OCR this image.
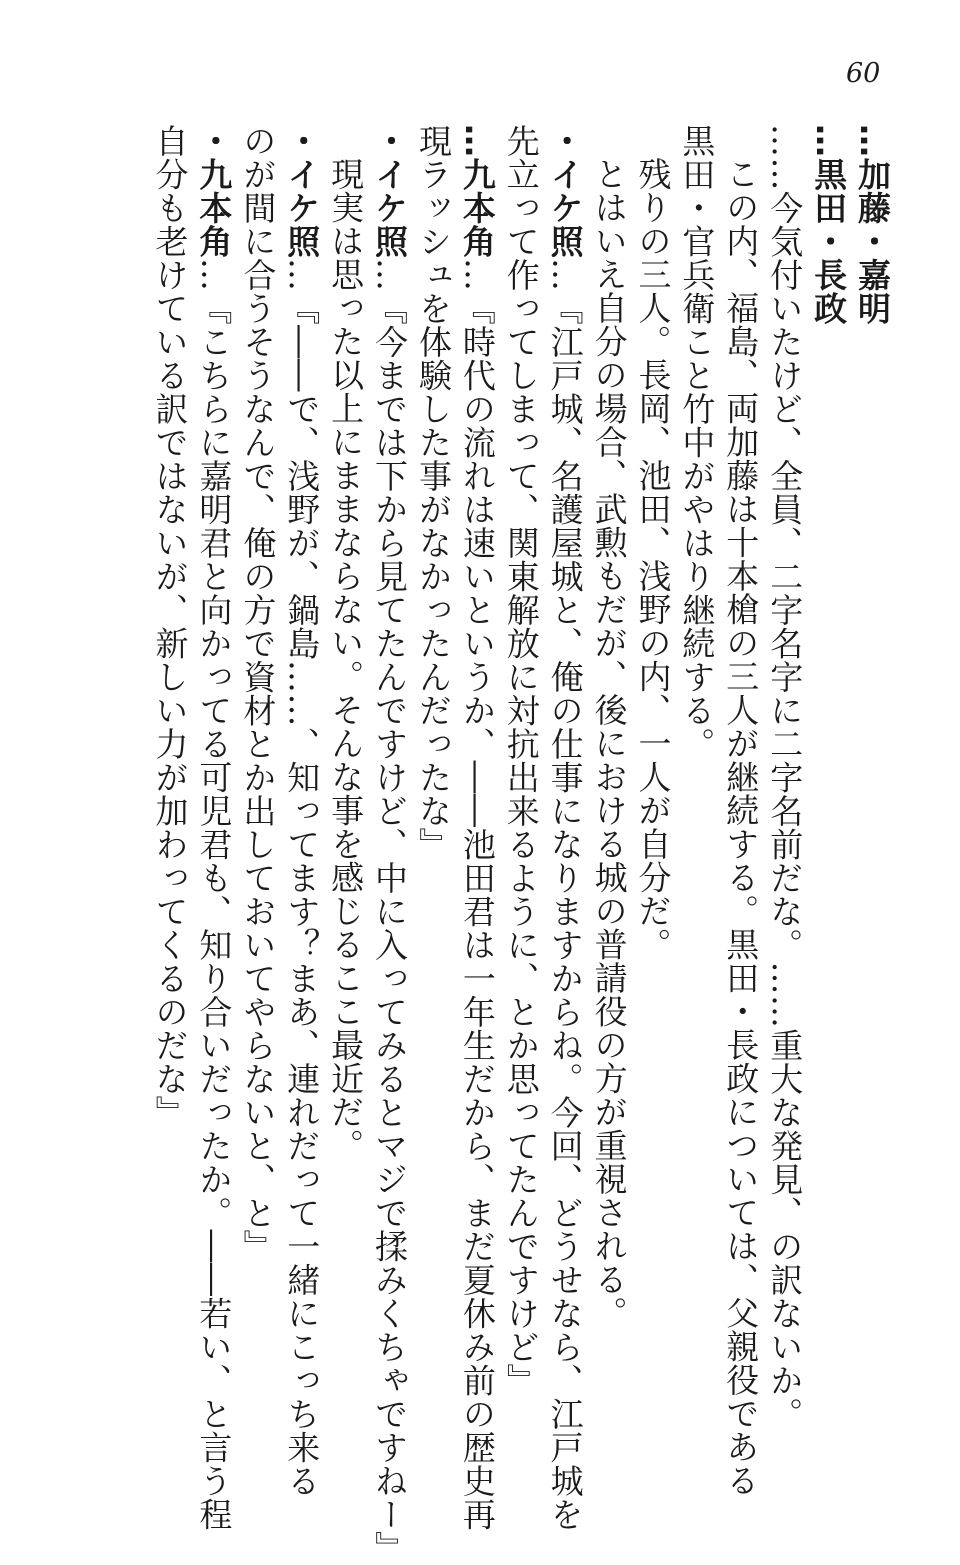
60
…加藤・嘉明
…黒田・長政
……今気付いたけど、全員、二字名字に二字名前だな。……重大な発見、の訳ないか。
この内、福島、両加藤は十本槍の三人が継続する。黒田・長政については、父親役である
黒田・官兵衛こと竹中がやはり継続する。
残りの三人。長岡、池田、浅野の内、一人が自分だ。
とはいえ自分の場合、武勲もだが、後における城の普請役の方が重視される。
・イケ照…『江戸城、名護屋城と、俺の仕事になりますからね。今回、どうせなら、江戸城を
先立って作ってしまって、関東解放に対抗出来るように、とか思ってたんですけど』
…九本角…『時代の流れは速いというか、――池田君は一年生だから、まだ夏休み前の歴史再
現ラッシュを体験した事がなかったんだったな』
・イケ照…『今までは下から見てたんですけど、中に入ってみるとマジで揉みくちゃですねー』
現実は思った以上にままならない。そんな事を感じるここ最近だ。
・イケ照…『――で、浅野が、鍋島……、知ってます？まあ、連れだって一緒にこっち来る
のが間に合うそうなんで、俺の方で資材とか出しておいてやらないと、と』
・九本角…『こちらに嘉明君と向かってる可児君も、知り合いだったか。――若い、と言う程
自分も老けている訳ではないが、新しい力が加わってくるのだな』
